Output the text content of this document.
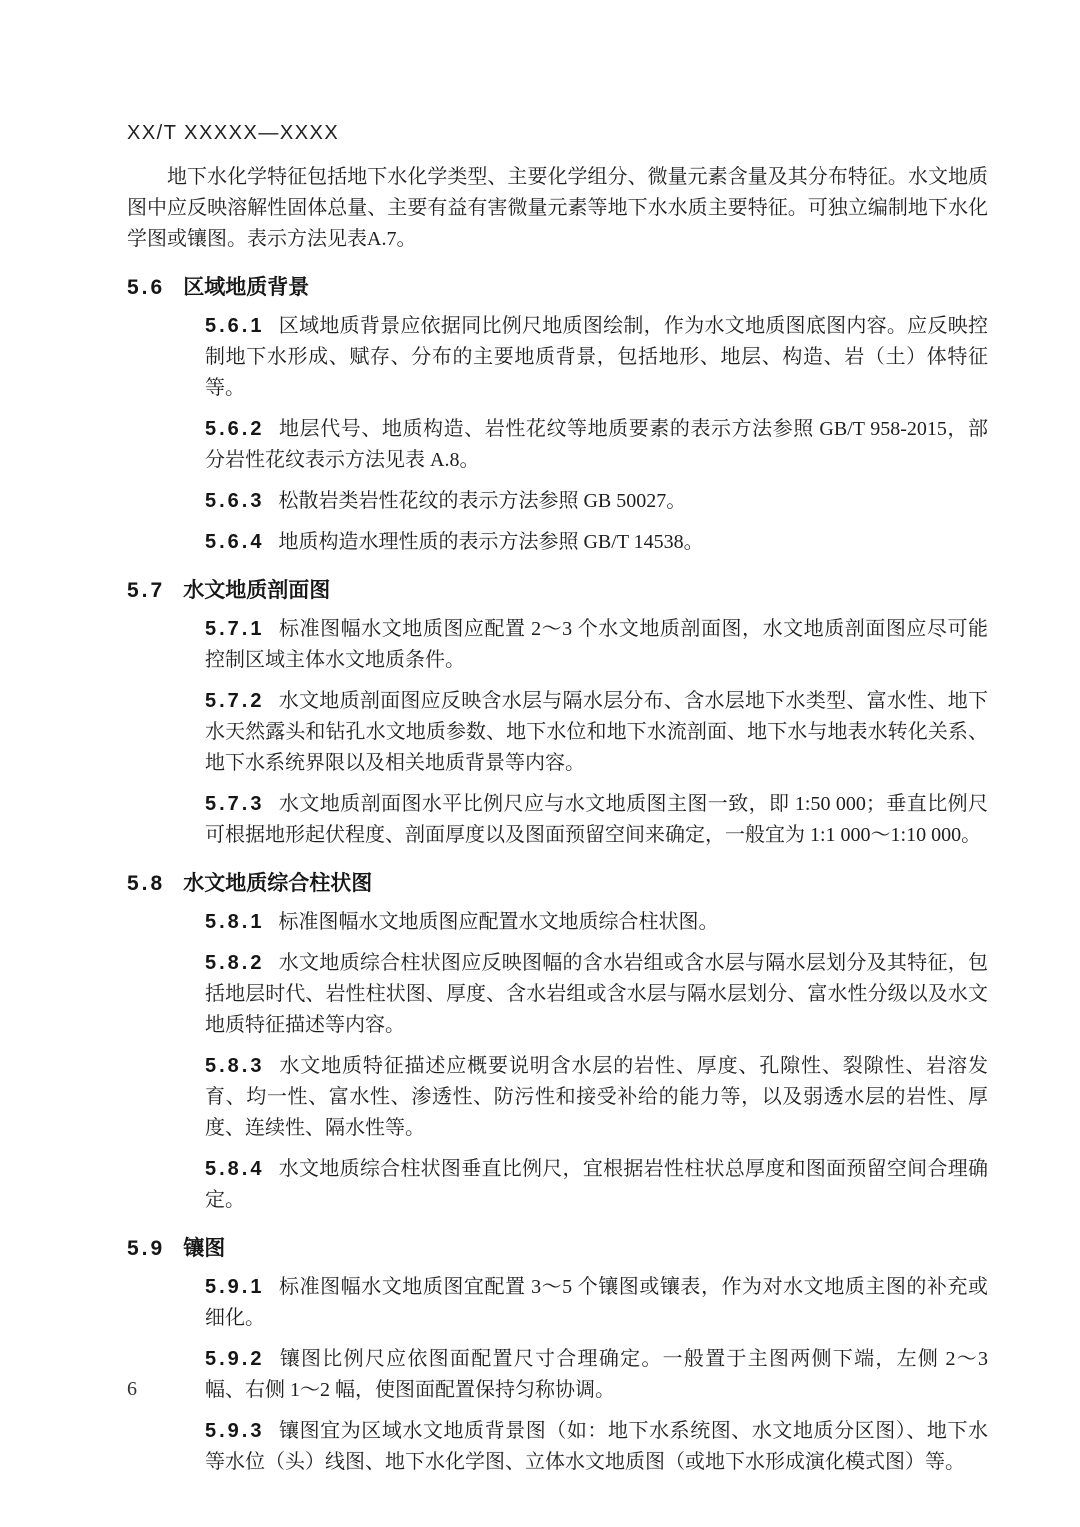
XX/T XXXXX—XXXX

地下水化学特征包括地下水化学类型、主要化学组分、微量元素含量及其分布特征。水文地质图中应反映溶解性固体总量、主要有益有害微量元素等地下水水质主要特征。可独立编制地下水化学图或镶图。表示方法见表A.7。

5.6 区域地质背景

5.6.1 区域地质背景应依据同比例尺地质图绘制，作为水文地质图底图内容。应反映控制地下水形成、赋存、分布的主要地质背景，包括地形、地层、构造、岩（土）体特征等。

5.6.2 地层代号、地质构造、岩性花纹等地质要素的表示方法参照 GB/T 958-2015，部分岩性花纹表示方法见表 A.8。

5.6.3 松散岩类岩性花纹的表示方法参照 GB 50027。

5.6.4 地质构造水理性质的表示方法参照 GB/T 14538。

5.7 水文地质剖面图

5.7.1 标准图幅水文地质图应配置 2～3 个水文地质剖面图，水文地质剖面图应尽可能控制区域主体水文地质条件。

5.7.2 水文地质剖面图应反映含水层与隔水层分布、含水层地下水类型、富水性、地下水天然露头和钻孔水文地质参数、地下水位和地下水流剖面、地下水与地表水转化关系、地下水系统界限以及相关地质背景等内容。

5.7.3 水文地质剖面图水平比例尺应与水文地质图主图一致，即 1:50 000；垂直比例尺可根据地形起伏程度、剖面厚度以及图面预留空间来确定，一般宜为 1:1 000～1:10 000。

5.8 水文地质综合柱状图

5.8.1 标准图幅水文地质图应配置水文地质综合柱状图。

5.8.2 水文地质综合柱状图应反映图幅的含水岩组或含水层与隔水层划分及其特征，包括地层时代、岩性柱状图、厚度、含水岩组或含水层与隔水层划分、富水性分级以及水文地质特征描述等内容。

5.8.3 水文地质特征描述应概要说明含水层的岩性、厚度、孔隙性、裂隙性、岩溶发育、均一性、富水性、渗透性、防污性和接受补给的能力等，以及弱透水层的岩性、厚度、连续性、隔水性等。

5.8.4 水文地质综合柱状图垂直比例尺，宜根据岩性柱状总厚度和图面预留空间合理确定。

5.9 镶图

5.9.1 标准图幅水文地质图宜配置 3～5 个镶图或镶表，作为对水文地质主图的补充或细化。

5.9.2 镶图比例尺应依图面配置尺寸合理确定。一般置于主图两侧下端，左侧 2～3 幅、右侧 1～2 幅，使图面配置保持匀称协调。

5.9.3 镶图宜为区域水文地质背景图（如：地下水系统图、水文地质分区图）、地下水等水位（头）线图、地下水化学图、立体水文地质图（或地下水形成演化模式图）等。

6
